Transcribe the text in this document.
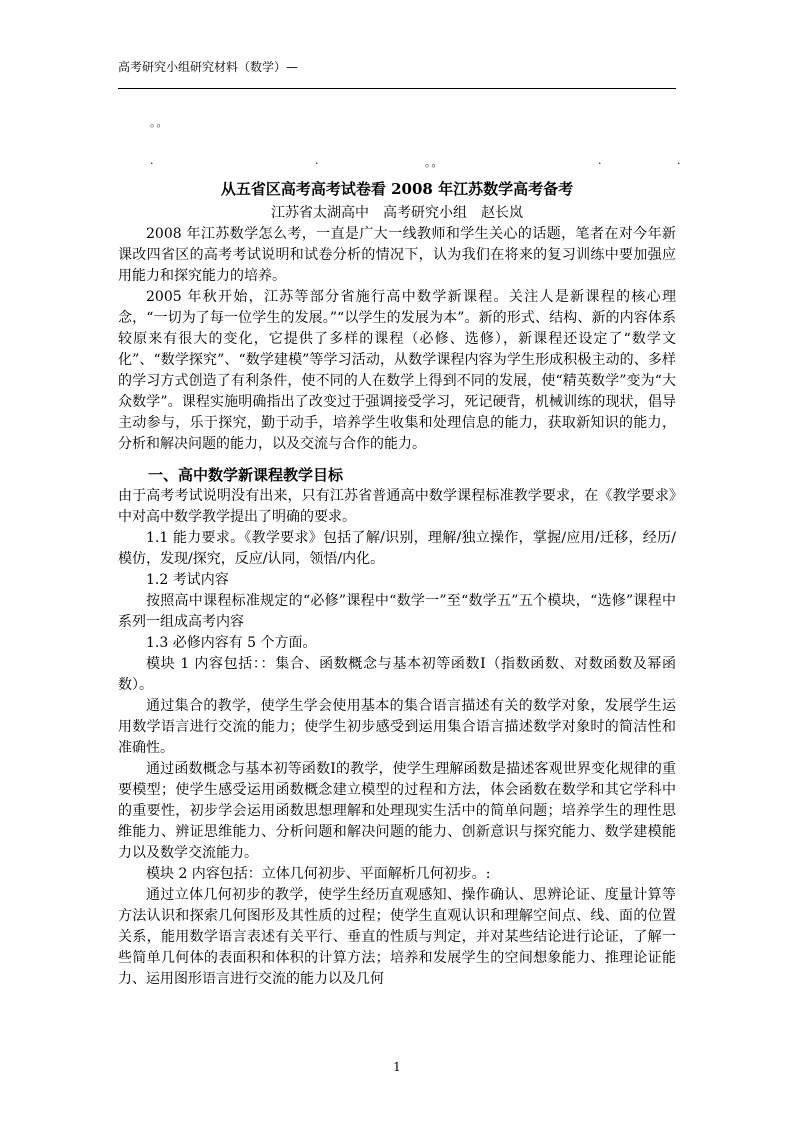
高考研究小组研究材料（数学）—
。。
.	.	。。	.	.
从五省区高考高考试卷看 2008 年江苏数学高考备考
江苏省太湖高中　高考研究小组　赵长岚

2008 年江苏数学怎么考，一直是广大一线教师和学生关心的话题，笔者在对今年新课改四省区的高考考试说明和试卷分析的情况下，认为我们在将来的复习训练中要加强应用能力和探究能力的培养。

2005 年秋开始，江苏等部分省施行高中数学新课程。关注人是新课程的核心理念，“一切为了每一位学生的发展。”“以学生的发展为本”。新的形式、结构、新的内容体系较原来有很大的变化，它提供了多样的课程（必修、选修），新课程还设定了“数学文化”、“数学探究”、“数学建模”等学习活动，从数学课程内容为学生形成积极主动的、多样的学习方式创造了有利条件，使不同的人在数学上得到不同的发展，使“精英数学”变为“大众数学”。课程实施明确指出了改变过于强调接受学习，死记硬背，机械训练的现状，倡导主动参与，乐于探究，勤于动手，培养学生收集和处理信息的能力，获取新知识的能力，分析和解决问题的能力，以及交流与合作的能力。

一、高中数学新课程教学目标

由于高考考试说明没有出来，只有江苏省普通高中数学课程标准教学要求，在《教学要求》中对高中数学教学提出了明确的要求。

1.1 能力要求。《教学要求》包括了解/识别，理解/独立操作，掌握/应用/迁移，经历/模仿，发现/探究，反应/认同，领悟/内化。

1.2 考试内容

按照高中课程标准规定的“必修”课程中“数学一”至“数学五”五个模块，“选修”课程中系列一组成高考内容

1.3 必修内容有 5 个方面。

模块 1 内容包括：：集合、函数概念与基本初等函数Ⅰ（指数函数、对数函数及幂函数）。

通过集合的教学，使学生学会使用基本的集合语言描述有关的数学对象，发展学生运用数学语言进行交流的能力；使学生初步感受到运用集合语言描述数学对象时的简洁性和准确性。

通过函数概念与基本初等函数Ⅰ的教学，使学生理解函数是描述客观世界变化规律的重要模型；使学生感受运用函数概念建立模型的过程和方法，体会函数在数学和其它学科中的重要性，初步学会运用函数思想理解和处理现实生活中的简单问题；培养学生的理性思维能力、辨证思维能力、分析问题和解决问题的能力、创新意识与探究能力、数学建模能力以及数学交流能力。

模块 2 内容包括：立体几何初步、平面解析几何初步。:

通过立体几何初步的教学，使学生经历直观感知、操作确认、思辨论证、度量计算等方法认识和探索几何图形及其性质的过程；使学生直观认识和理解空间点、线、面的位置关系，能用数学语言表述有关平行、垂直的性质与判定，并对某些结论进行论证，了解一些简单几何体的表面积和体积的计算方法；培养和发展学生的空间想象能力、推理论证能力、运用图形语言进行交流的能力以及几何

1
